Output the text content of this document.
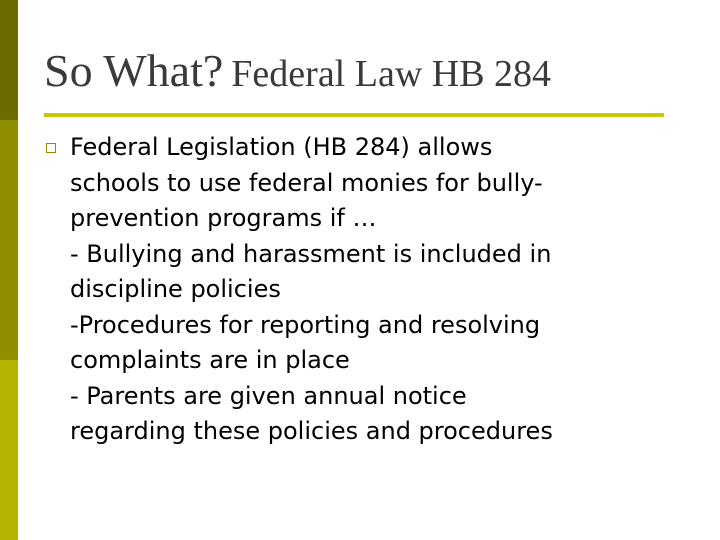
So What? Federal Law HB 284
Federal Legislation (HB 284) allows
schools to use federal monies for bully-
prevention programs if …
- Bullying and harassment is included in
discipline policies
-Procedures for reporting and resolving
complaints are in place
- Parents are given annual notice
regarding these policies and procedures
